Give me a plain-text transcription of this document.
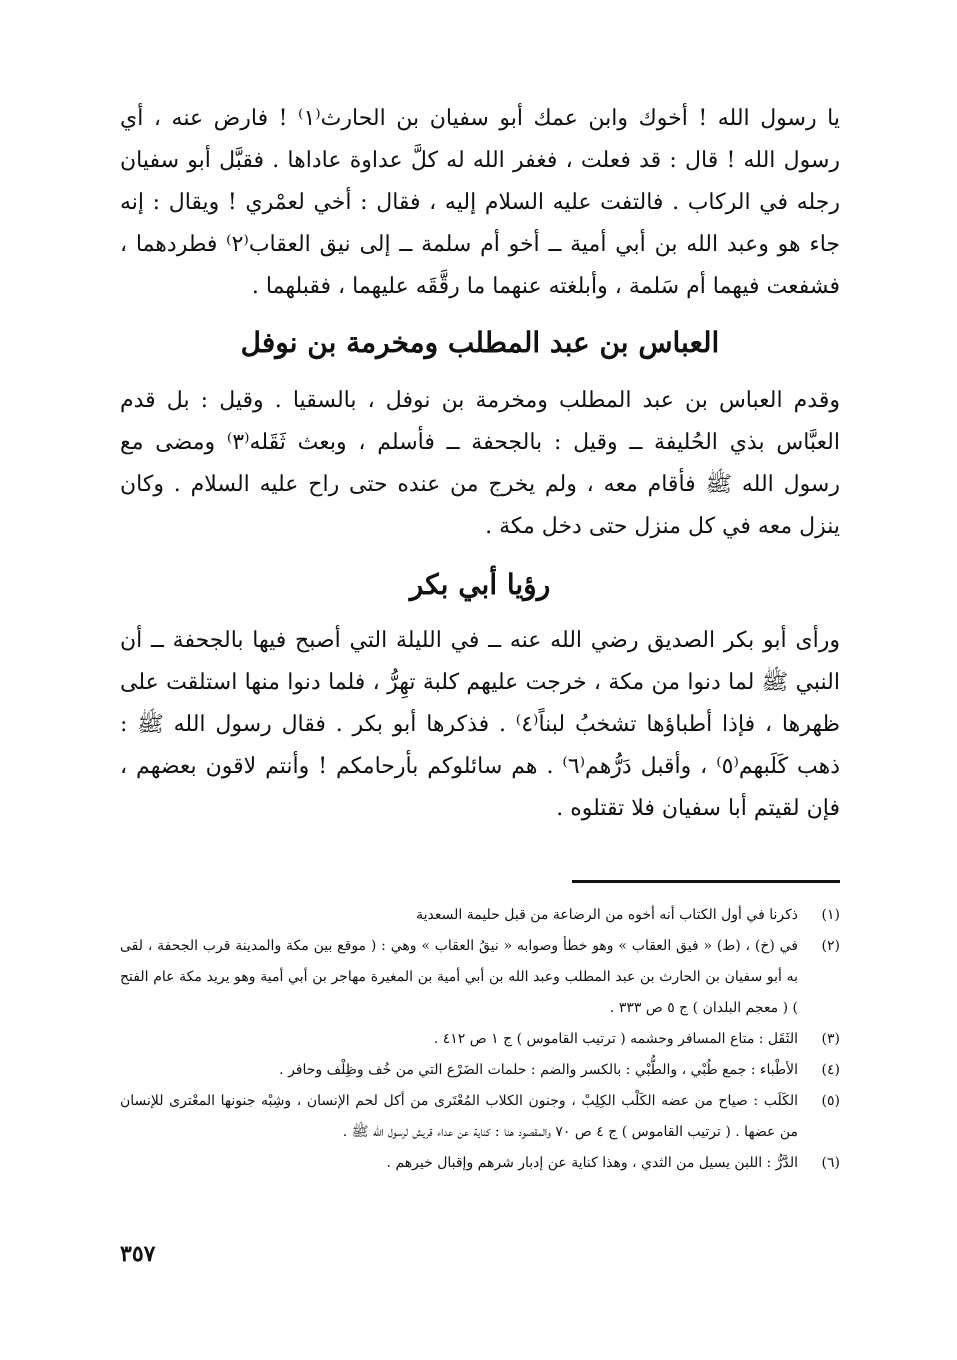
يا رسول الله ! أخوك وابن عمك أبو سفيان بن الحارث⁽١⁾ ! فارض عنه ، أي رسول الله ! قال : قد فعلت ، فغفر الله له كلَّ عداوة عاداها . فقبَّل أبو سفيان رجله في الركاب . فالتفت عليه السلام إليه ، فقال : أخي لعمْري ! ويقال : إنه جاء هو وعبد الله بن أبي أمية ــ أخو أم سلمة ــ إلى نيق العقاب⁽٢⁾ فطردهما ، فشفعت فيهما أم سَلمة ، وأبلغته عنهما ما رقَّقَه عليهما ، فقبلهما .

العباس بن عبد المطلب ومخرمة بن نوفل

وقدم العباس بن عبد المطلب ومخرمة بن نوفل ، بالسقيا . وقيل : بل قدم العبَّاس بذي الحُليفة ــ وقيل : بالجحفة ــ فأسلم ، وبعث ثَقَله⁽٣⁾ ومضى مع رسول الله ﷺ فأقام معه ، ولم يخرج من عنده حتى راح عليه السلام . وكان ينزل معه في كل منزل حتى دخل مكة .

رؤيا أبي بكر

ورأى أبو بكر الصديق رضي الله عنه ــ في الليلة التي أصبح فيها بالجحفة ــ أن النبي ﷺ لما دنوا من مكة ، خرجت عليهم كلبة تهِرُّ ، فلما دنوا منها استلقت على ظهرها ، فإذا أطباؤها تشخبُ لبناً⁽٤⁾ . فذكرها أبو بكر . فقال رسول الله ﷺ : ذهب كَلَبهم⁽٥⁾ ، وأقبل دَرُّهم⁽٦⁾ . هم سائلوكم بأرحامكم ! وأنتم لاقون بعضهم ، فإن لقيتم أبا سفيان فلا تقتلوه .

(١)
ذكرنا في أول الكتاب أنه أخوه من الرضاعة من قبل حليمة السعدية
(٢)
في (خ) ، (ط) « فيق العقاب » وهو خطأ وصوابه « نيقُ العقاب » وهي : ( موقع بين مكة والمدينة قرب الجحفة ، لقى به أبو سفيان بن الحارث بن عبد المطلب وعبد الله بن أبي أمية بن المغيرة مهاجر بن أبي أمية وهو يريد مكة عام الفتح ) ( معجم البلدان ) ج ٥ ص ٣٣٣ .
(٣)
الثَقَل : متاع المسافر وحشمه ( ترتيب القاموس ) ج ١ ص ٤١٢ .
(٤)
الأطْباء : جمع طُبْي ، والطُّبْي : بالكسر والضم : حلمات الضَرْع التي من خُف وظِلْف وحافر .
(٥)
الكَلَب : صياح من عضه الكَلْب الكِلِبْ ، وجنون الكلاب المُعْتَرى من أكل لحم الإنسان ، وشِبْه جنونها المعْترى للإنسان من عضها . ( ترتيب القاموس ) ج ٤ ص ٧٠ والمقصود هنا : كناية عن عداء قريش لرسول الله ﷺ .
(٦)
الدَّرُّ : اللبن يسيل من الثدي ، وهذا كناية عن إدبار شرهم وإقبال خيرهم .
٣٥٧
